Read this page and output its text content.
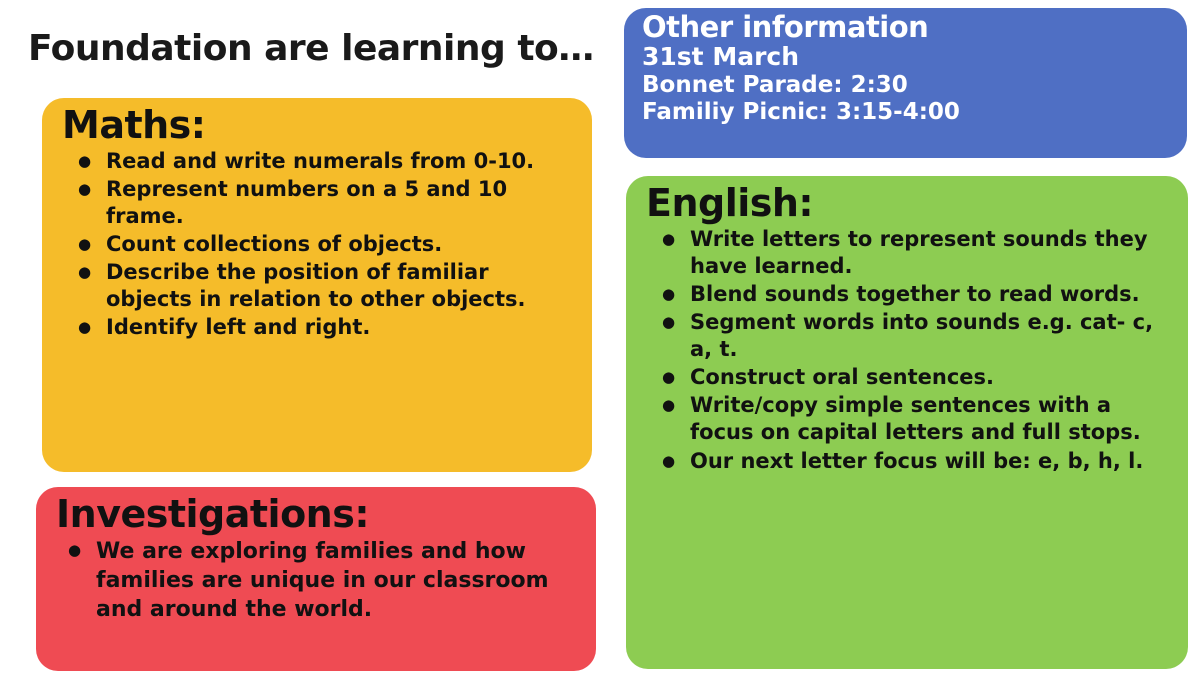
Foundation are learning to…
Maths:
● Read and write numerals from 0-10.
● Represent numbers on a 5 and 10 frame.
● Count collections of objects.
● Describe the position of familiar objects in relation to other objects.
● Identify left and right.
Investigations:
● We are exploring families and how families are unique in our classroom and around the world.
Other information
31st March
Bonnet Parade: 2:30
Familiy Picnic: 3:15-4:00
English:
● Write letters to represent sounds they have learned.
● Blend sounds together to read words.
● Segment words into sounds e.g. cat- c, a, t.
● Construct oral sentences.
● Write/copy simple sentences with a focus on capital letters and full stops.
● Our next letter focus will be: e, b, h, l.
